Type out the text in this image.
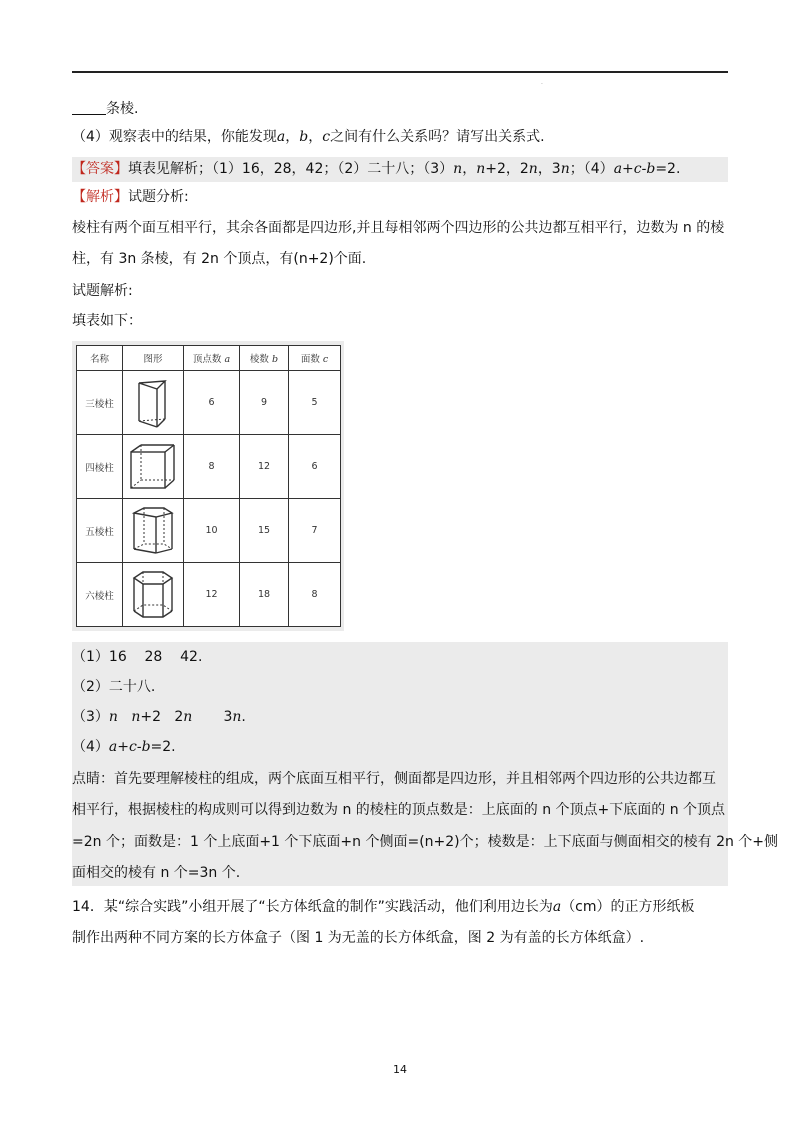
.
条棱.
（4）观察表中的结果，你能发现a，b，c之间有什么关系吗？请写出关系式.
【答案】填表见解析；（1）16，28，42；（2）二十八；（3）n，n+2，2n，3n；（4）a+c-b=2.
【解析】试题分析:
棱柱有两个面互相平行，其余各面都是四边形,并且每相邻两个四边形的公共边都互相平行，边数为 n 的棱
柱，有 3n 条棱，有 2n 个顶点，有(n+2)个面.
试题解析:
填表如下：
名称	图形	顶点数 a	棱数 b	面数 c
三棱柱		6	9	5
四棱柱		8	12	6
五棱柱		10	15	7
六棱柱		12	18	8
（1）16    28    42.
（2）二十八.
（3）n n+2 2n 3n.
（4）a+c-b=2.
点睛：首先要理解棱柱的组成，两个底面互相平行，侧面都是四边形，并且相邻两个四边形的公共边都互
相平行，根据棱柱的构成则可以得到边数为 n 的棱柱的顶点数是：上底面的 n 个顶点+下底面的 n 个顶点
=2n 个；面数是：1 个上底面+1 个下底面+n 个侧面=(n+2)个；棱数是：上下底面与侧面相交的棱有 2n 个+侧
面相交的棱有 n 个=3n 个.
14．某“综合实践”小组开展了“长方体纸盒的制作”实践活动，他们利用边长为a（cm）的正方形纸板
制作出两种不同方案的长方体盒子（图 1 为无盖的长方体纸盒，图 2 为有盖的长方体纸盒）.
14
